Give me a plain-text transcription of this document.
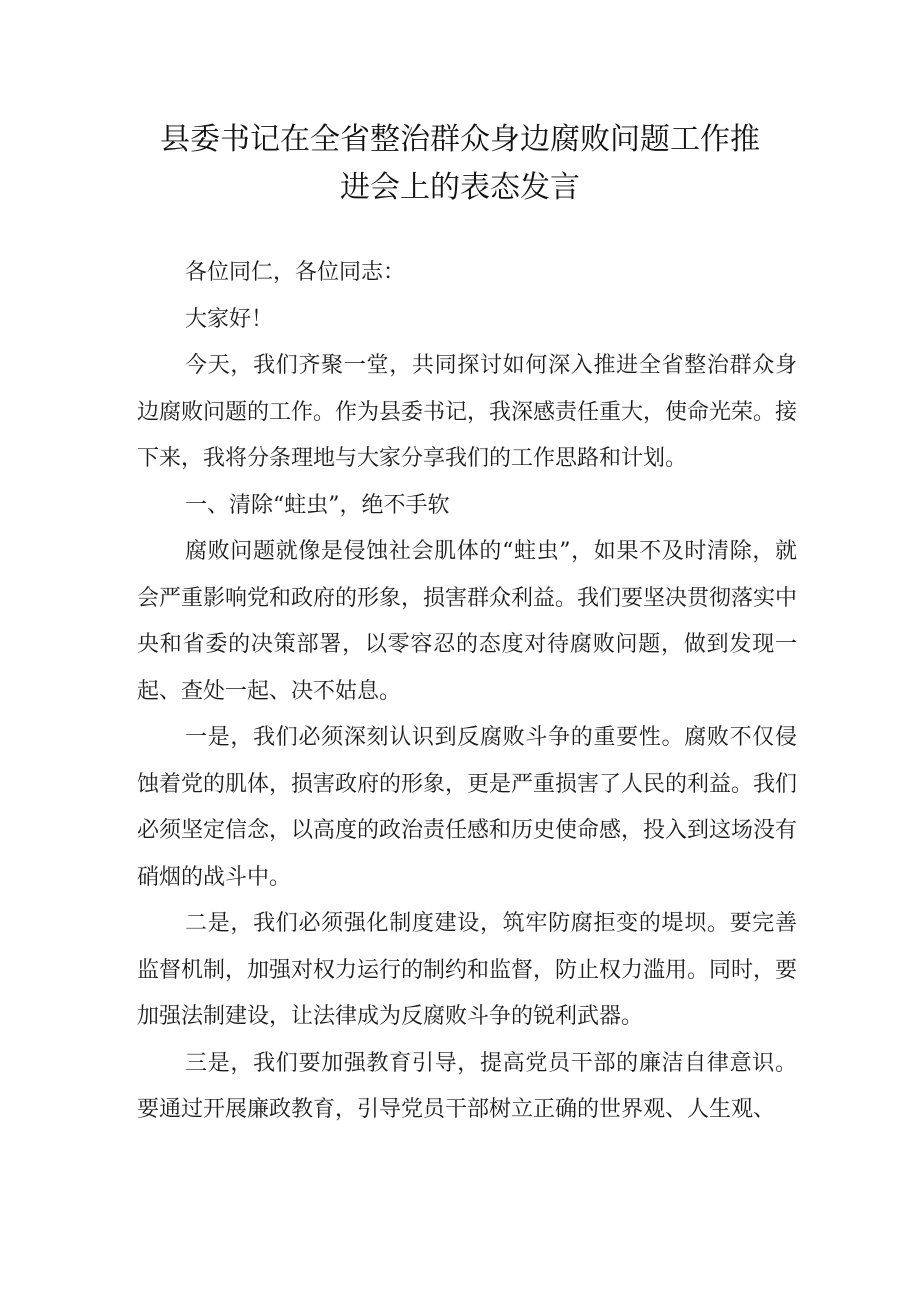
县委书记在全省整治群众身边腐败问题工作推
进会上的表态发言

各位同仁，各位同志：

大家好！

今天，我们齐聚一堂，共同探讨如何深入推进全省整治群众身边腐败问题的工作。作为县委书记，我深感责任重大，使命光荣。接下来，我将分条理地与大家分享我们的工作思路和计划。

一、清除“蛀虫”，绝不手软

腐败问题就像是侵蚀社会肌体的“蛀虫”，如果不及时清除，就会严重影响党和政府的形象，损害群众利益。我们要坚决贯彻落实中央和省委的决策部署，以零容忍的态度对待腐败问题，做到发现一起、查处一起、决不姑息。

一是，我们必须深刻认识到反腐败斗争的重要性。腐败不仅侵蚀着党的肌体，损害政府的形象，更是严重损害了人民的利益。我们必须坚定信念，以高度的政治责任感和历史使命感，投入到这场没有硝烟的战斗中。

二是，我们必须强化制度建设，筑牢防腐拒变的堤坝。要完善监督机制，加强对权力运行的制约和监督，防止权力滥用。同时，要加强法制建设，让法律成为反腐败斗争的锐利武器。

三是，我们要加强教育引导，提高党员干部的廉洁自律意识。要通过开展廉政教育，引导党员干部树立正确的世界观、人生观、
